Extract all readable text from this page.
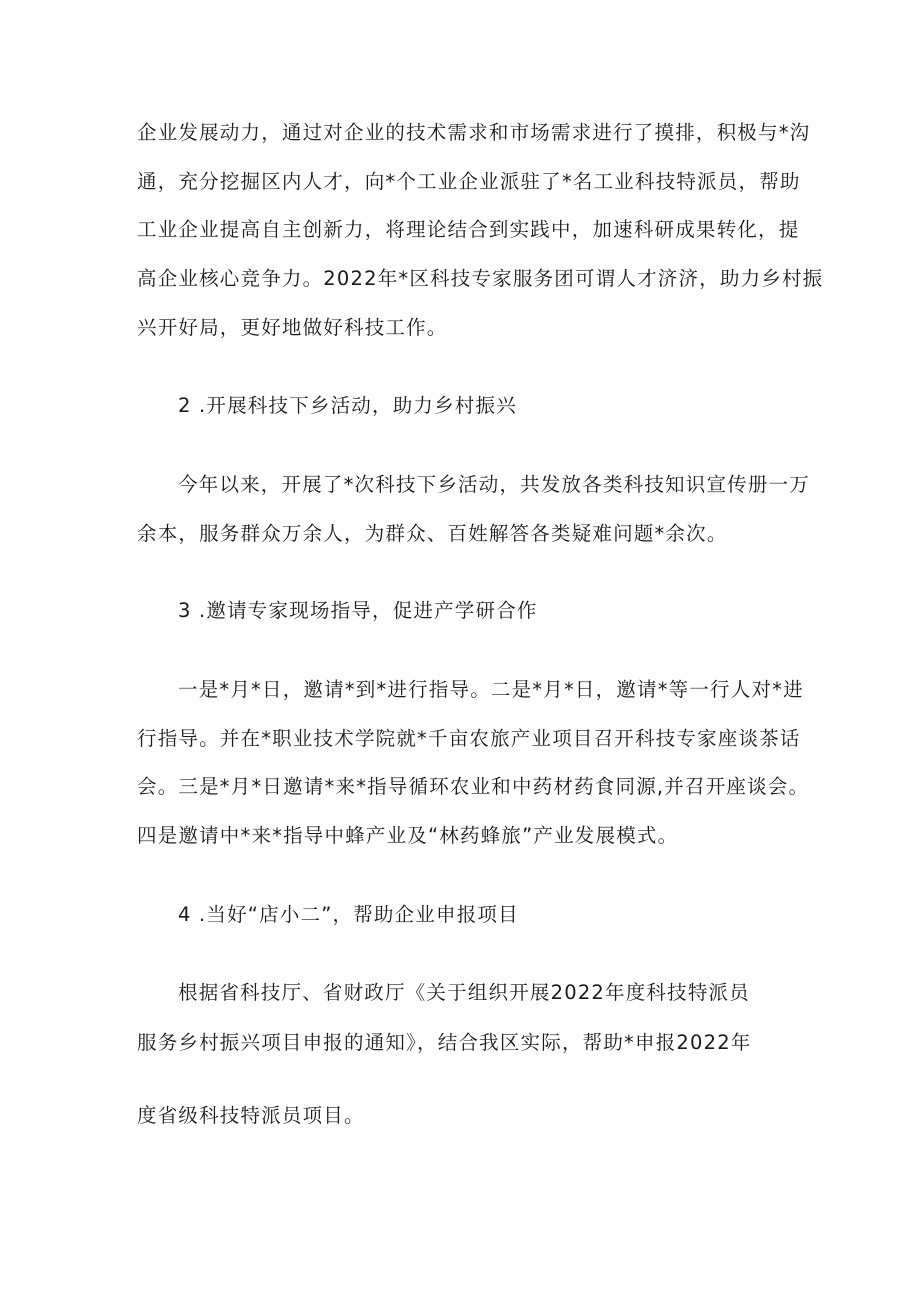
企业发展动力，通过对企业的技术需求和市场需求进行了摸排，积极与*沟
通，充分挖掘区内人才，向*个工业企业派驻了*名工业科技特派员，帮助
工业企业提高自主创新力，将理论结合到实践中，加速科研成果转化，提
高企业核心竞争力。2022年*区科技专家服务团可谓人才济济，助力乡村振
兴开好局，更好地做好科技工作。
2 .开展科技下乡活动，助力乡村振兴
今年以来，开展了*次科技下乡活动，共发放各类科技知识宣传册一万
余本，服务群众万余人，为群众、百姓解答各类疑难问题*余次。
3 .邀请专家现场指导，促进产学研合作
一是*月*日，邀请*到*进行指导。二是*月*日，邀请*等一行人对*进
行指导。并在*职业技术学院就*千亩农旅产业项目召开科技专家座谈茶话
会。三是*月*日邀请*来*指导循环农业和中药材药食同源,并召开座谈会。
四是邀请中*来*指导中蜂产业及“林药蜂旅”产业发展模式。
4 .当好“店小二”，帮助企业申报项目
根据省科技厅、省财政厅《关于组织开展2022年度科技特派员
服务乡村振兴项目申报的通知》，结合我区实际，帮助*申报2022年
度省级科技特派员项目。
